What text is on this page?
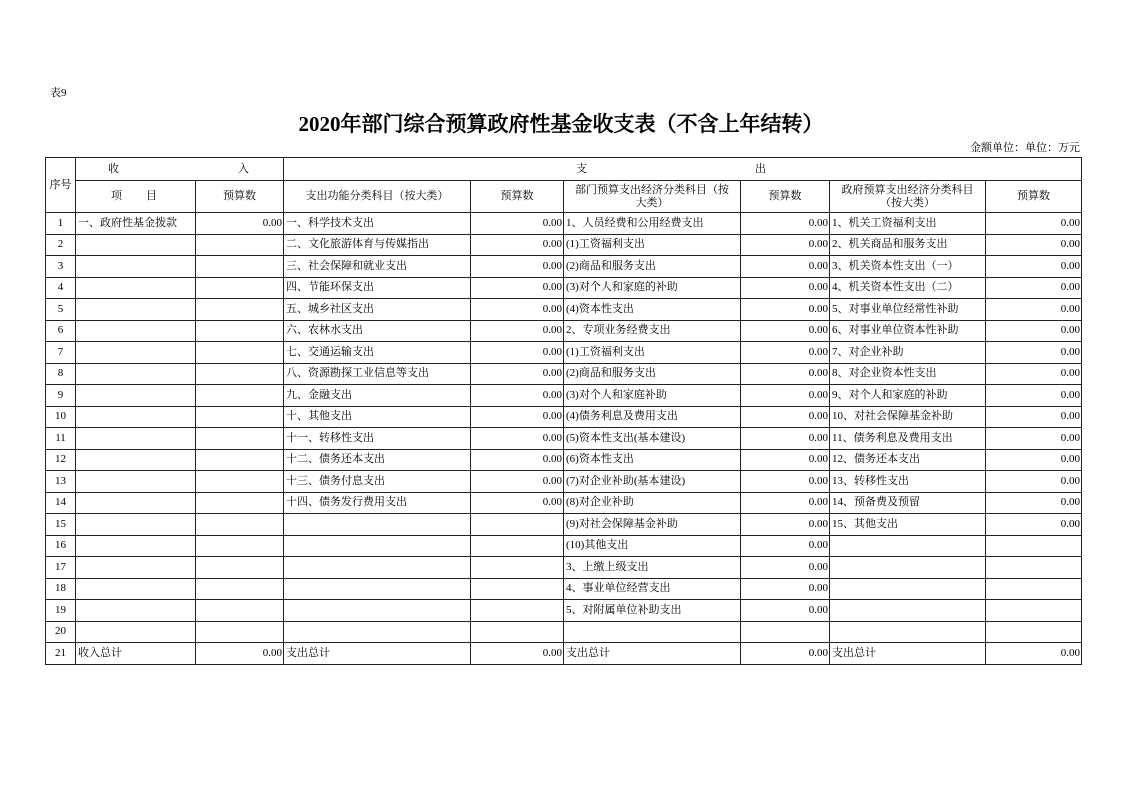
表9
2020年部门综合预算政府性基金收支表（不含上年结转）
金额单位：单位：万元
序号	收 入		支 出					

	项 目	预算数	支出功能分类科目（按大类）	预算数	部门预算支出经济分类科目（按
大类）	预算数	政府预算支出经济分类科目
（按大类）	预算数
1	一、政府性基金拨款	0.00	一、科学技术支出	0.00	1、人员经费和公用经费支出	0.00	1、机关工资福利支出	0.00
2			二、文化旅游体育与传媒指出	0.00	(1)工资福利支出	0.00	2、机关商品和服务支出	0.00
3			三、社会保障和就业支出	0.00	(2)商品和服务支出	0.00	3、机关资本性支出（一）	0.00
4			四、节能环保支出	0.00	(3)对个人和家庭的补助	0.00	4、机关资本性支出（二）	0.00
5			五、城乡社区支出	0.00	(4)资本性支出	0.00	5、对事业单位经常性补助	0.00
6			六、农林水支出	0.00	2、专项业务经费支出	0.00	6、对事业单位资本性补助	0.00
7			七、交通运输支出	0.00	(1)工资福利支出	0.00	7、对企业补助	0.00
8			八、资源勘探工业信息等支出	0.00	(2)商品和服务支出	0.00	8、对企业资本性支出	0.00
9			九、金融支出	0.00	(3)对个人和家庭补助	0.00	9、对个人和家庭的补助	0.00
10			十、其他支出	0.00	(4)债务利息及费用支出	0.00	10、对社会保障基金补助	0.00
11			十一、转移性支出	0.00	(5)资本性支出(基本建设)	0.00	11、债务利息及费用支出	0.00
12			十二、债务还本支出	0.00	(6)资本性支出	0.00	12、债务还本支出	0.00
13			十三、债务付息支出	0.00	(7)对企业补助(基本建设)	0.00	13、转移性支出	0.00
14			十四、债务发行费用支出	0.00	(8)对企业补助	0.00	14、预备费及预留	0.00
15					(9)对社会保障基金补助	0.00	15、其他支出	0.00
16					(10)其他支出	0.00		
17					3、上缴上级支出	0.00		
18					4、事业单位经营支出	0.00		
19					5、对附属单位补助支出	0.00		
20								
21	收入总计	0.00	支出总计	0.00	支出总计	0.00	支出总计	0.00
